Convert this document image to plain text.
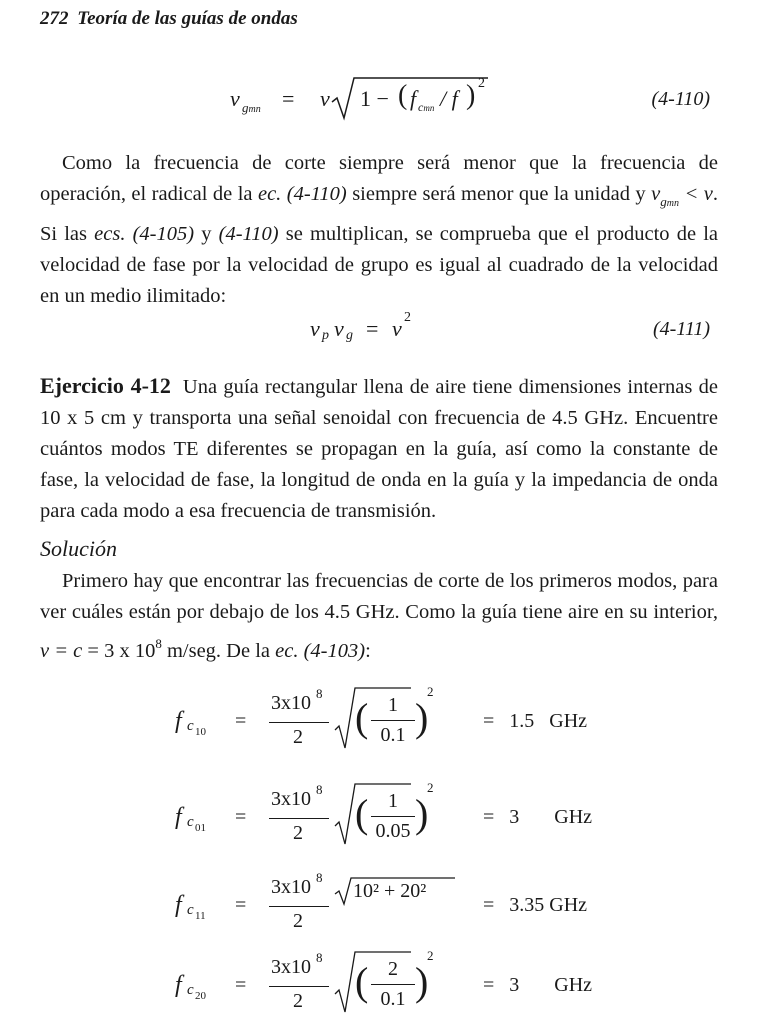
272 Teoría de las guías de ondas
v gmn = v 1 − ( f cmn / f ) 2
(4-110)
Como la frecuencia de corte siempre será menor que la frecuencia de operación, el radical de la ec. (4-110) siempre será menor que la unidad y $v_{gmn} < v$. Si las ecs. (4-105) y (4-110) se multiplican, se comprueba que el producto de la velocidad de fase por la velocidad de grupo es igual al cuadrado de la velocidad en un medio ilimitado:
v p v g = v 2
(4-111)
Ejercicio 4-12 Una guía rectangular llena de aire tiene dimensiones internas de 10 x 5 cm y transporta una señal senoidal con frecuencia de 4.5 GHz. Encuentre cuántos modos TE diferentes se propagan en la guía, así como la constante de fase, la velocidad de fase, la longitud de onda en la guía y la impedancia de onda para cada modo a esa frecuencia de transmisión.
Solución
Primero hay que encontrar las frecuencias de corte de los primeros modos, para ver cuáles están por debajo de los 4.5 GHz. Como la guía tiene aire en su interior, v = c = 3 x $10^8$ m/seg. De la ec. (4-103):
f c 10 =
3x10 8
2 ( 1
0.1 )
2
=   1.5   GHz
f c 01 =
3x10 8
2 ( 1
0.05 )
2
=   3       GHz
f c 11 =
3x10 8
2
10² + 20²
=   3.35 GHz
f c 20 =
3x10 8
2 ( 2
0.1 )
2
=   3       GHz
